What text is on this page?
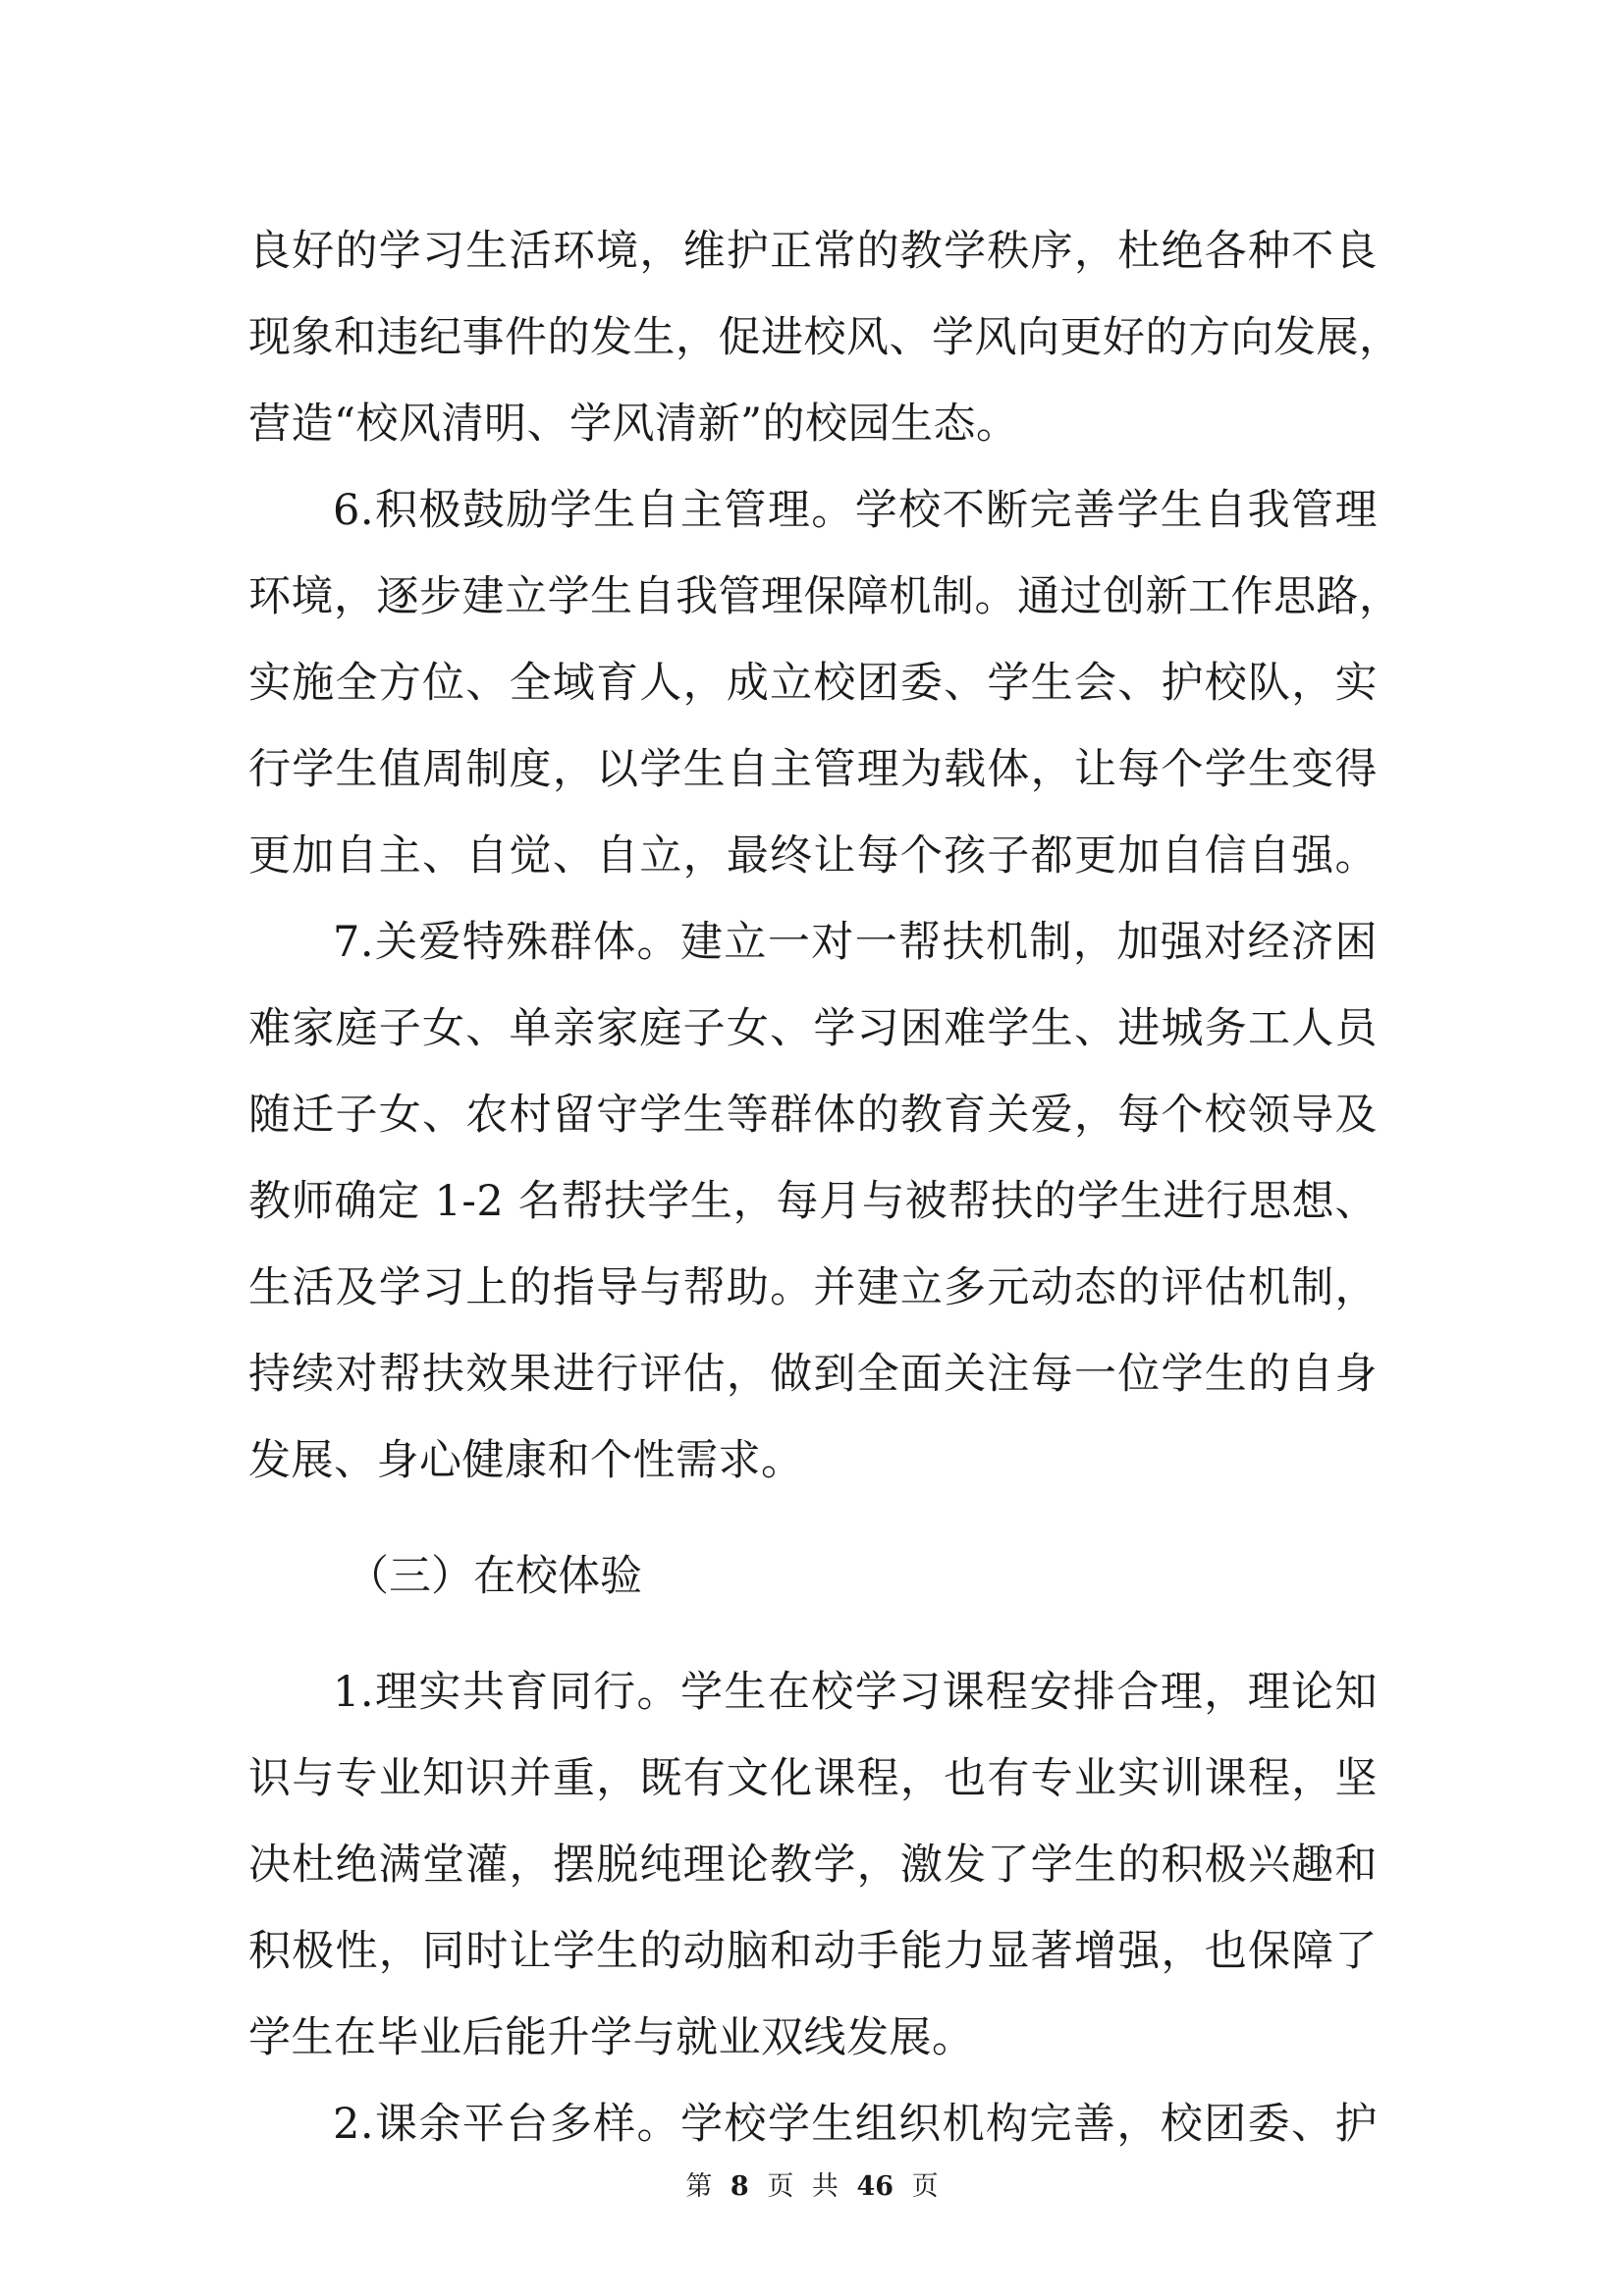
良好的学习生活环境，维护正常的教学秩序，杜绝各种不良
现象和违纪事件的发生，促进校风、学风向更好的方向发展，
营造“校风清明、学风清新”的校园生态。
6.积极鼓励学生自主管理。学校不断完善学生自我管理
环境，逐步建立学生自我管理保障机制。通过创新工作思路，
实施全方位、全域育人，成立校团委、学生会、护校队，实
行学生值周制度，以学生自主管理为载体，让每个学生变得
更加自主、自觉、自立，最终让每个孩子都更加自信自强。
7.关爱特殊群体。建立一对一帮扶机制，加强对经济困
难家庭子女、单亲家庭子女、学习困难学生、进城务工人员
随迁子女、农村留守学生等群体的教育关爱，每个校领导及
教师确定 1-2 名帮扶学生，每月与被帮扶的学生进行思想、
生活及学习上的指导与帮助。并建立多元动态的评估机制，
持续对帮扶效果进行评估，做到全面关注每一位学生的自身
发展、身心健康和个性需求。
（三）在校体验
1.理实共育同行。学生在校学习课程安排合理，理论知
识与专业知识并重，既有文化课程，也有专业实训课程，坚
决杜绝满堂灌，摆脱纯理论教学，激发了学生的积极兴趣和
积极性，同时让学生的动脑和动手能力显著增强，也保障了
学生在毕业后能升学与就业双线发展。
2.课余平台多样。学校学生组织机构完善，校团委、护
第 8 页 共 46 页
